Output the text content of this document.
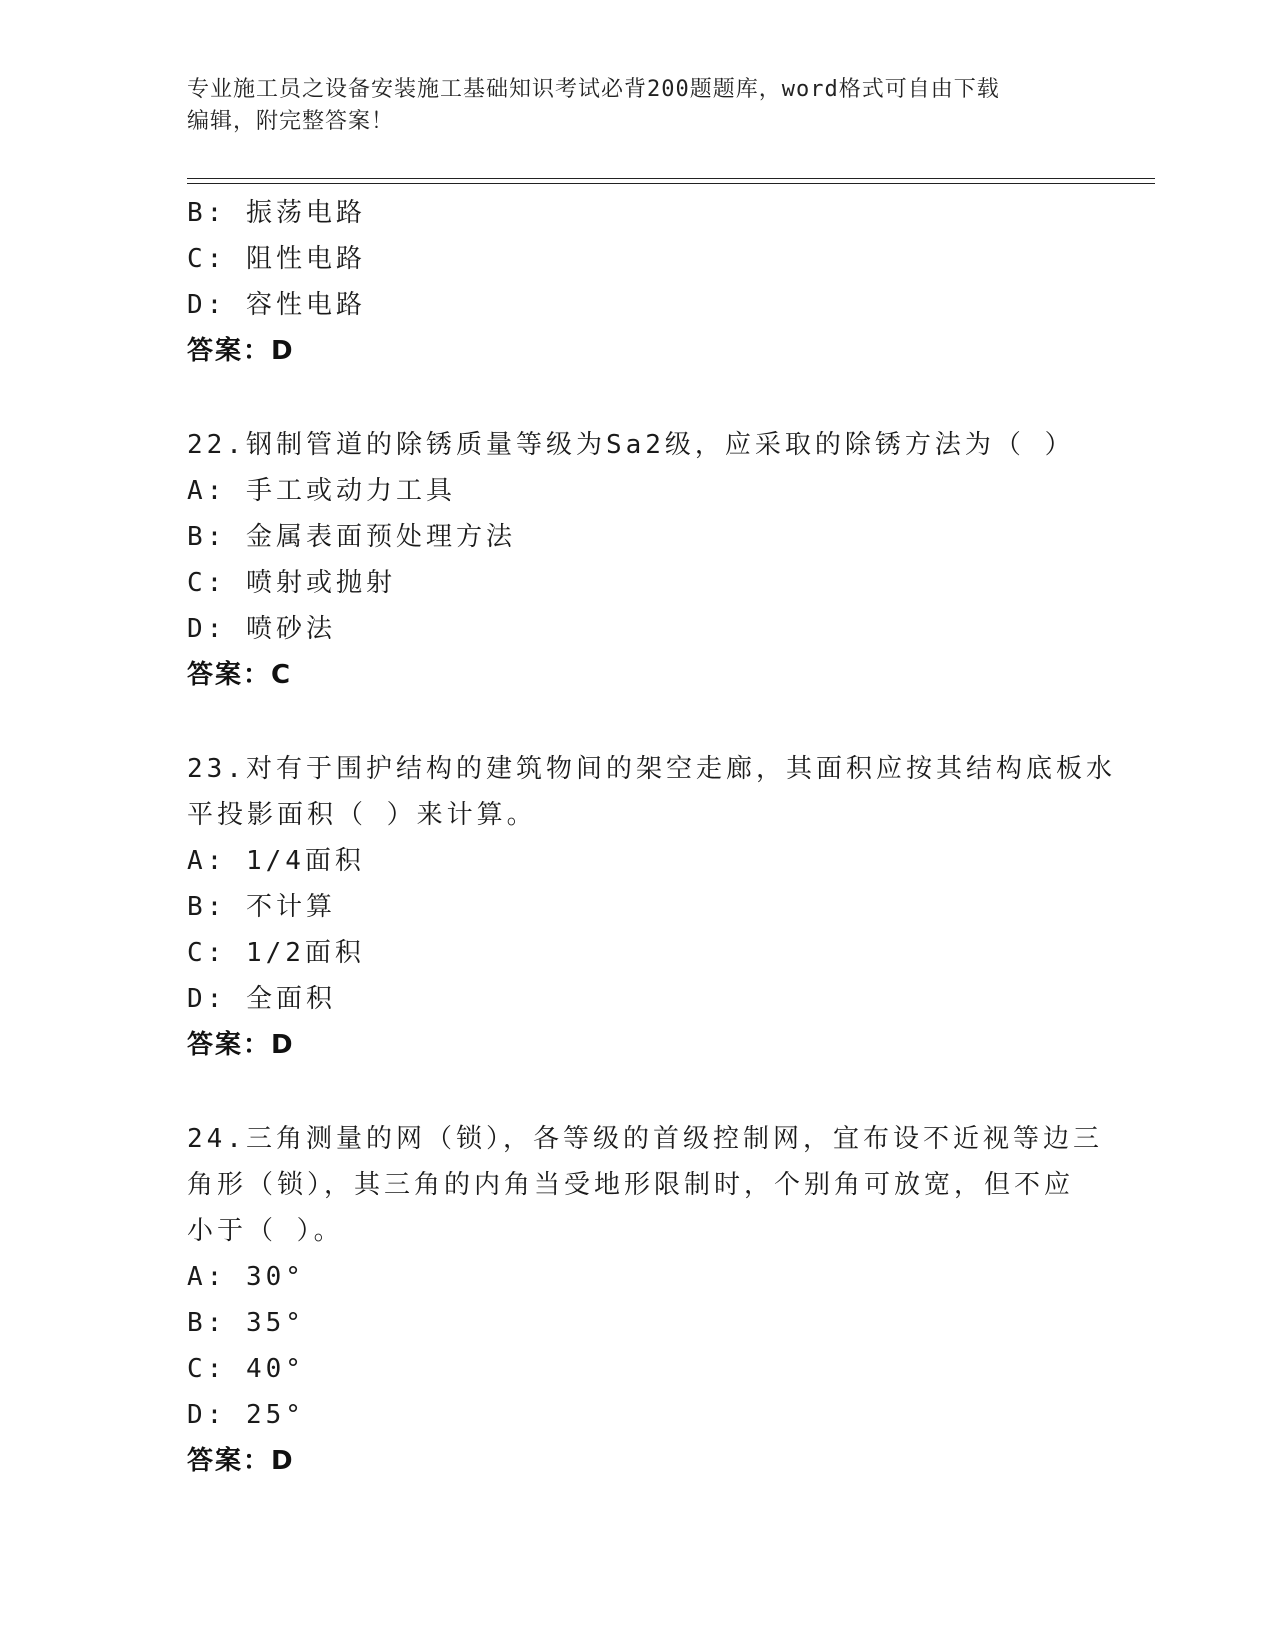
专业施工员之设备安装施工基础知识考试必背200题题库，word格式可自由下载
编辑，附完整答案！
B: 振荡电路
C: 阻性电路
D: 容性电路
答案：D
22.钢制管道的除锈质量等级为Sa2级，应采取的除锈方法为（ ）
A: 手工或动力工具
B: 金属表面预处理方法
C: 喷射或抛射
D: 喷砂法
答案：C
23.对有于围护结构的建筑物间的架空走廊，其面积应按其结构底板水
平投影面积（ ）来计算。
A: 1/4面积
B: 不计算
C: 1/2面积
D: 全面积
答案：D
24.三角测量的网（锁），各等级的首级控制网，宜布设不近视等边三
角形（锁），其三角的内角当受地形限制时，个别角可放宽，但不应
小于（ ）。
A: 30°
B: 35°
C: 40°
D: 25°
答案：D
